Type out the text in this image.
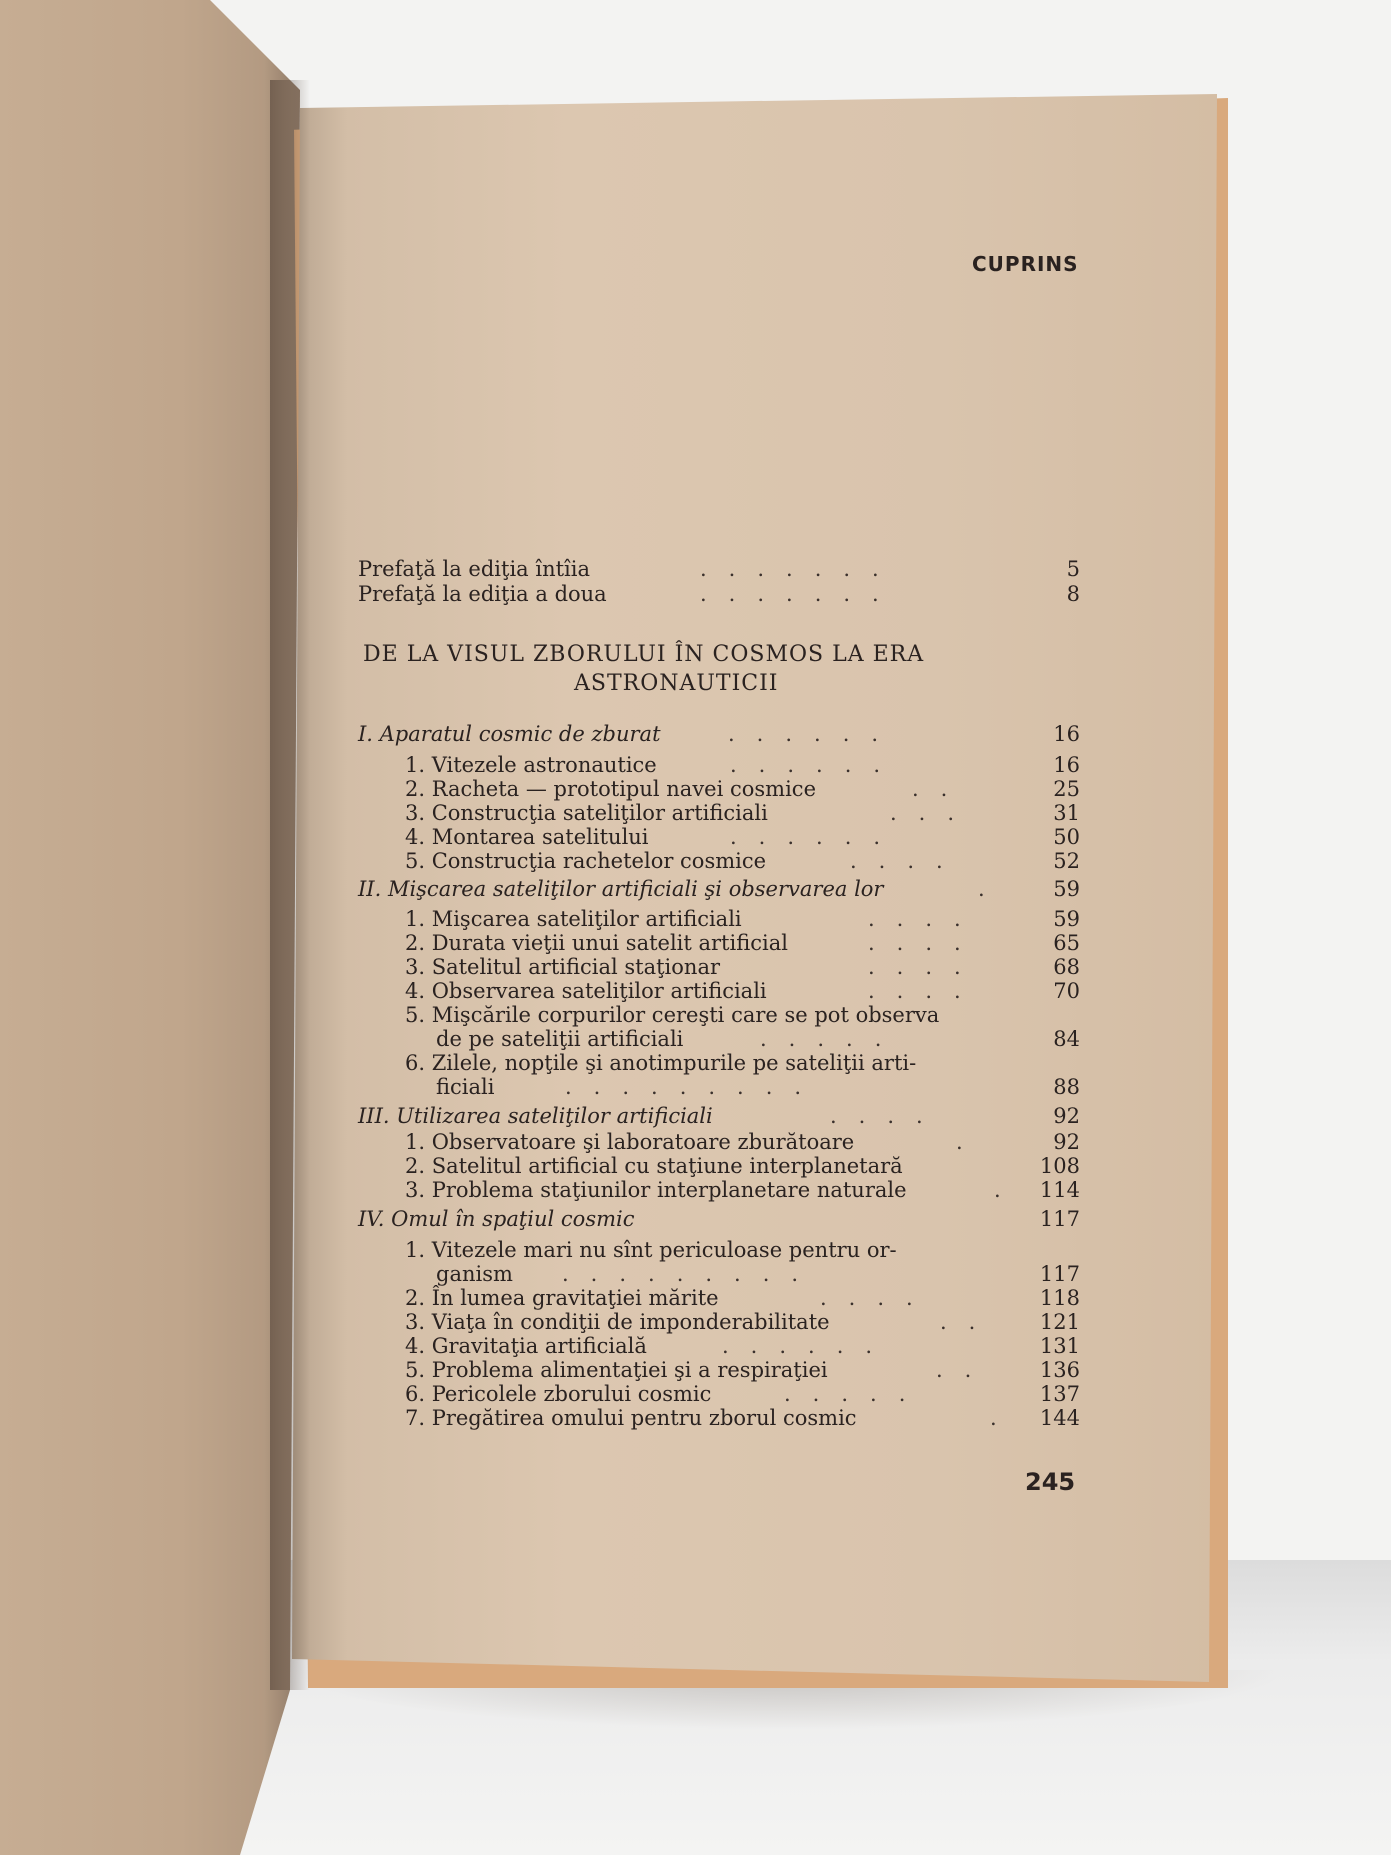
CUPRINS
Prefaţă la ediţia întîia	.......	5
Prefaţă la ediţia a doua	.......	8
DE LA VISUL ZBORULUI ÎN COSMOS LA ERA
ASTRONAUTICII
I. Aparatul cosmic de zburat	......	16
1. Vitezele astronautice	......	16
2. Racheta — prototipul navei cosmice	..	25
3. Construcţia sateliţilor artificiali	...	31
4. Montarea satelitului	......	50
5. Construcţia rachetelor cosmice	....	52
II. Mişcarea sateliţilor artificiali şi observarea lor	.	59
1. Mişcarea sateliţilor artificiali	....	59
2. Durata vieţii unui satelit artificial	....	65
3. Satelitul artificial staţionar	....	68
4. Observarea sateliţilor artificiali	....	70
5. Mişcările corpurilor cereşti care se pot observa
de pe sateliţii artificiali	.....	84
6. Zilele, nopţile şi anotimpurile pe sateliţii arti-
ficiali	.........	88
III. Utilizarea sateliţilor artificiali	....	92
1. Observatoare şi laboratoare zburătoare	.	92
2. Satelitul artificial cu staţiune interplanetară	108
3. Problema staţiunilor interplanetare naturale	. 114
IV. Omul în spaţiul cosmic	117
1. Vitezele mari nu sînt periculoase pentru or-
ganism .........	117
2. În lumea gravitaţiei mărite	....	118
3. Viaţa în condiţii de imponderabilitate	..	121
4. Gravitaţia artificială	......	131
5. Problema alimentaţiei şi a respiraţiei	..	136
6. Pericolele zborului cosmic	.....	137
7. Pregătirea omului pentru zborul cosmic	.	144
245
